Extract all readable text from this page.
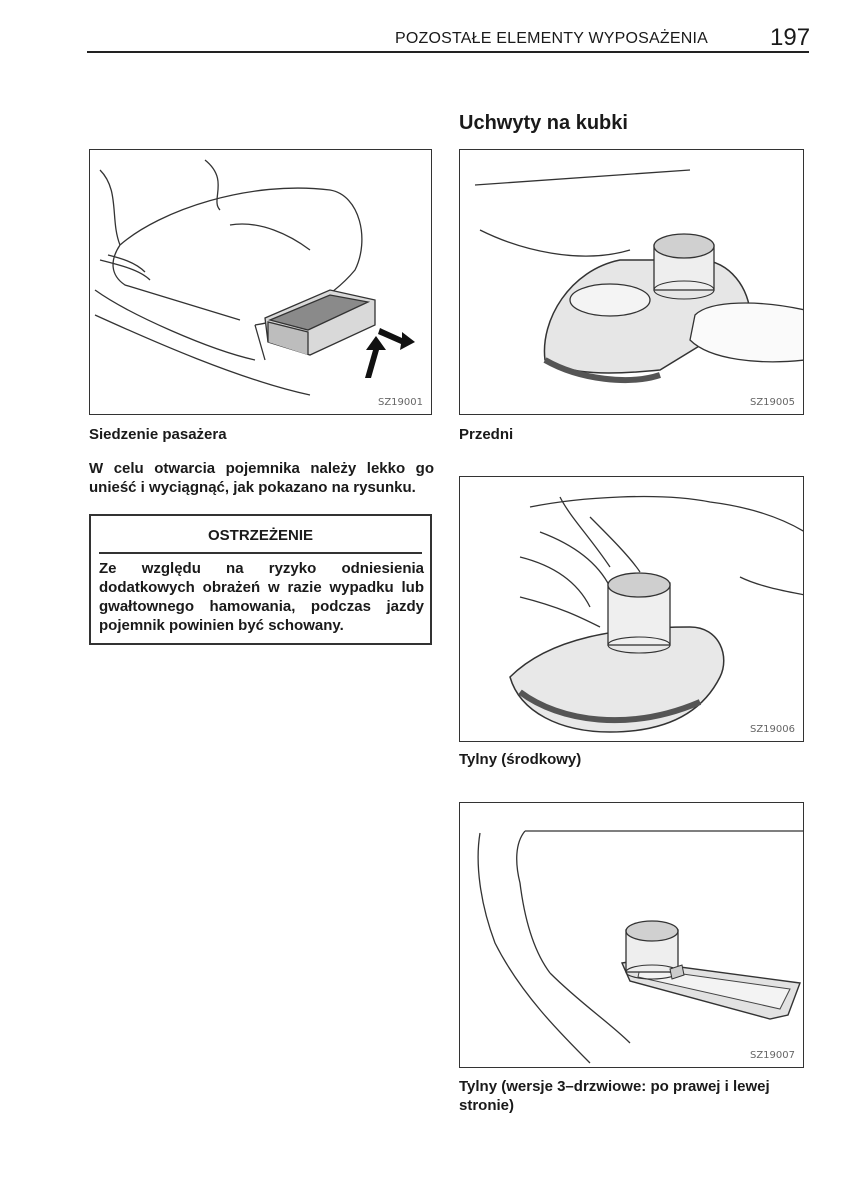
POZOSTAŁE ELEMENTY WYPOSAŻENIA	197
Uchwyty na kubki
SZ19001
Siedzenie pasażera
W celu otwarcia pojemnika należy lekko go unieść i wyciągnąć, jak pokazano na rysunku.
OSTRZEŻENIE
Ze względu na ryzyko odniesienia dodatkowych obrażeń w razie wypadku lub gwałtownego hamowania, podczas jazdy pojemnik powinien być schowany.
SZ19005
Przedni
SZ19006
Tylny (środkowy)
SZ19007
Tylny (wersje 3–drzwiowe: po prawej i lewej stronie)
